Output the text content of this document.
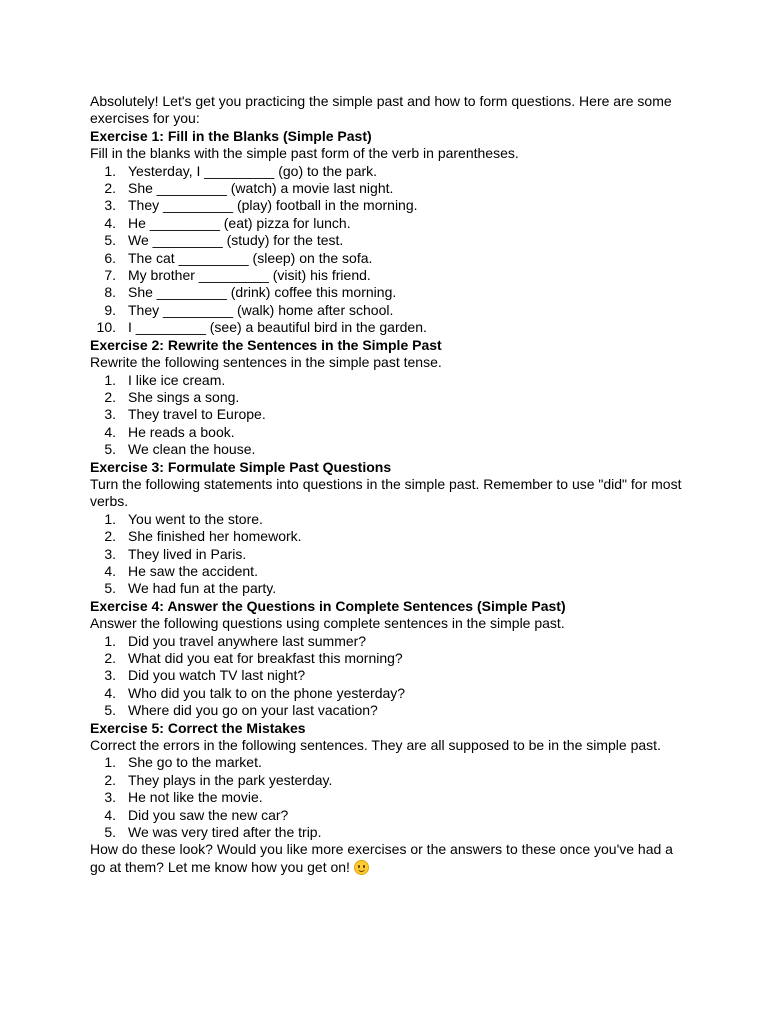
Absolutely! Let's get you practicing the simple past and how to form questions. Here are some exercises for you:

Exercise 1: Fill in the Blanks (Simple Past)

Fill in the blanks with the simple past form of the verb in parentheses.

1. Yesterday, I _________ (go) to the park.
2. She _________ (watch) a movie last night.
3. They _________ (play) football in the morning.
4. He _________ (eat) pizza for lunch.
5. We _________ (study) for the test.
6. The cat _________ (sleep) on the sofa.
7. My brother _________ (visit) his friend.
8. She _________ (drink) coffee this morning.
9. They _________ (walk) home after school.
10. I _________ (see) a beautiful bird in the garden.

Exercise 2: Rewrite the Sentences in the Simple Past

Rewrite the following sentences in the simple past tense.

1. I like ice cream.
2. She sings a song.
3. They travel to Europe.
4. He reads a book.
5. We clean the house.

Exercise 3: Formulate Simple Past Questions

Turn the following statements into questions in the simple past. Remember to use "did" for most verbs.

1. You went to the store.
2. She finished her homework.
3. They lived in Paris.
4. He saw the accident.
5. We had fun at the party.

Exercise 4: Answer the Questions in Complete Sentences (Simple Past)

Answer the following questions using complete sentences in the simple past.

1. Did you travel anywhere last summer?
2. What did you eat for breakfast this morning?
3. Did you watch TV last night?
4. Who did you talk to on the phone yesterday?
5. Where did you go on your last vacation?

Exercise 5: Correct the Mistakes

Correct the errors in the following sentences. They are all supposed to be in the simple past.

1. She go to the market.
2. They plays in the park yesterday.
3. He not like the movie.
4. Did you saw the new car?
5. We was very tired after the trip.

How do these look? Would you like more exercises or the answers to these once you've had a go at them? Let me know how you get on!
